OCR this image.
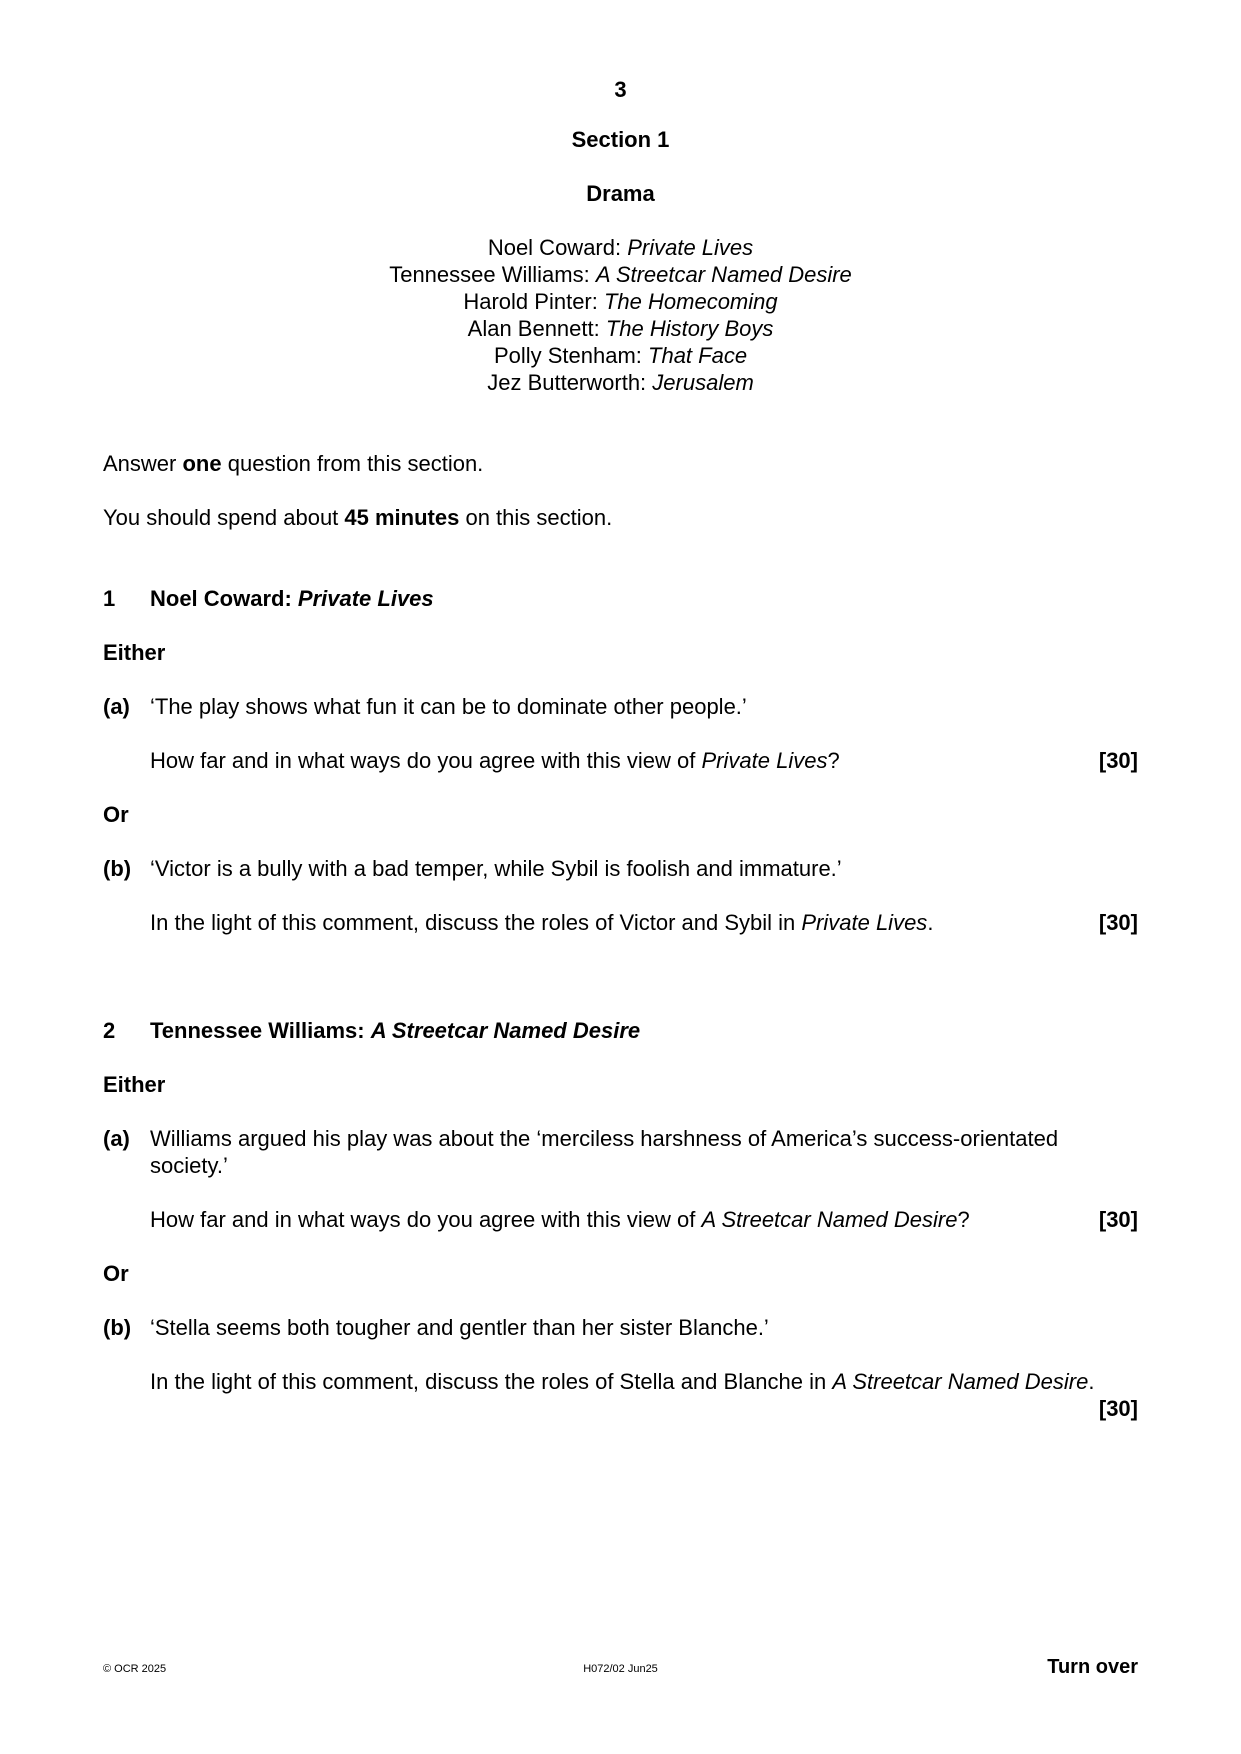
3
Section 1
Drama
Noel Coward: Private Lives
Tennessee Williams: A Streetcar Named Desire
Harold Pinter: The Homecoming
Alan Bennett: The History Boys
Polly Stenham: That Face
Jez Butterworth: Jerusalem
Answer one question from this section.
You should spend about 45 minutes on this section.
1 Noel Coward: Private Lives
Either
(a) ‘The play shows what fun it can be to dominate other people.’
How far and in what ways do you agree with this view of Private Lives?	[30]
Or
(b) ‘Victor is a bully with a bad temper, while Sybil is foolish and immature.’
In the light of this comment, discuss the roles of Victor and Sybil in Private Lives.	[30]
2 Tennessee Williams: A Streetcar Named Desire
Either
(a) Williams argued his play was about the ‘merciless harshness of America’s success-orientated
society.’
How far and in what ways do you agree with this view of A Streetcar Named Desire?	[30]
Or
(b) ‘Stella seems both tougher and gentler than her sister Blanche.’
In the light of this comment, discuss the roles of Stella and Blanche in A Streetcar Named Desire.
[30]
© OCR 2025	H072/02 Jun25	Turn over
